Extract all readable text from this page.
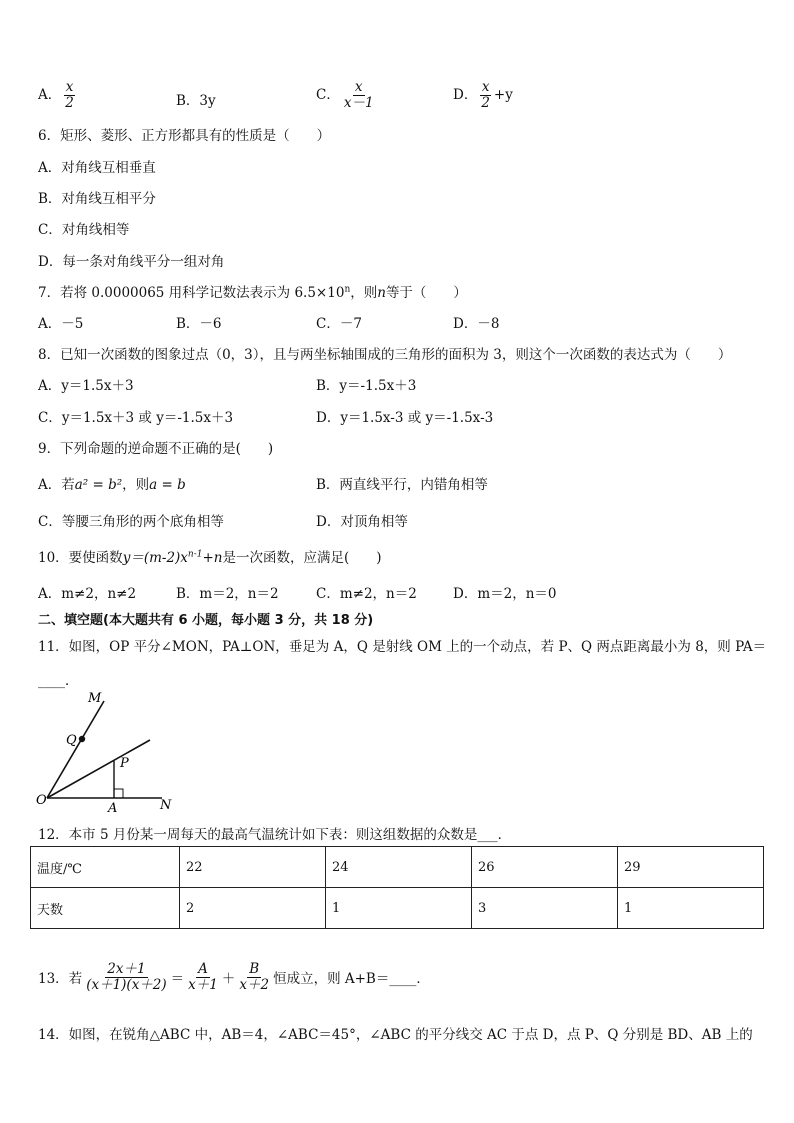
A． $\frac{x}{2}$	B．3y	C． $\frac{x}{x-1}$	D． $\frac{x}{2} +y$
6．矩形、菱形、正方形都具有的性质是（　　）
A．对角线互相垂直
B．对角线互相平分
C．对角线相等
D．每一条对角线平分一组对角
7．若将 0.0000065 用科学记数法表示为 $6.5\times 10^n$，则n等于（　　）
A．－5	B．－6	C．－7	D．－8
8．已知一次函数的图象过点（0，3），且与两坐标轴围成的三角形的面积为 3，则这个一次函数的表达式为（　　）
A．y＝1.5x＋3	B．y＝-1.5x＋3
C．y＝1.5x＋3 或 y＝-1.5x＋3	D．y＝1.5x-3 或 y＝-1.5x-3
9．下列命题的逆命题不正确的是(　　)
A．若a² = b²，则a = b	B．两直线平行，内错角相等
C．等腰三角形的两个底角相等	D．对顶角相等
10．要使函数$y=(m-2)x^{n-1}+n$是一次函数，应满足(　　)
A．m≠2，n≠2	B．m＝2，n＝2	C．m≠2，n＝2	D．m＝2，n＝0
二、填空题(本大题共有 6 小题，每小题 3 分，共 18 分)
11．如图，OP 平分∠MON，PA⊥ON，垂足为 A，Q 是射线 OM 上的一个动点，若 P、Q 两点距离最小为 8，则 PA＝
____．
M
Q
P
O
A	N
12．本市 5 月份某一周每天的最高气温统计如下表：则这组数据的众数是___．
温度/℃	22	24	26	29
天数	2	1	3	1
13．若 $\frac{2x+1}{(x+1)(x+2)} = \frac{A}{x+1} + \frac{B}{x+2}$ 恒成立，则 A+B＝____．
14．如图，在锐角△ABC 中，AB＝4，∠ABC＝45°，∠ABC 的平分线交 AC 于点 D，点 P、Q 分别是 BD、AB 上的
